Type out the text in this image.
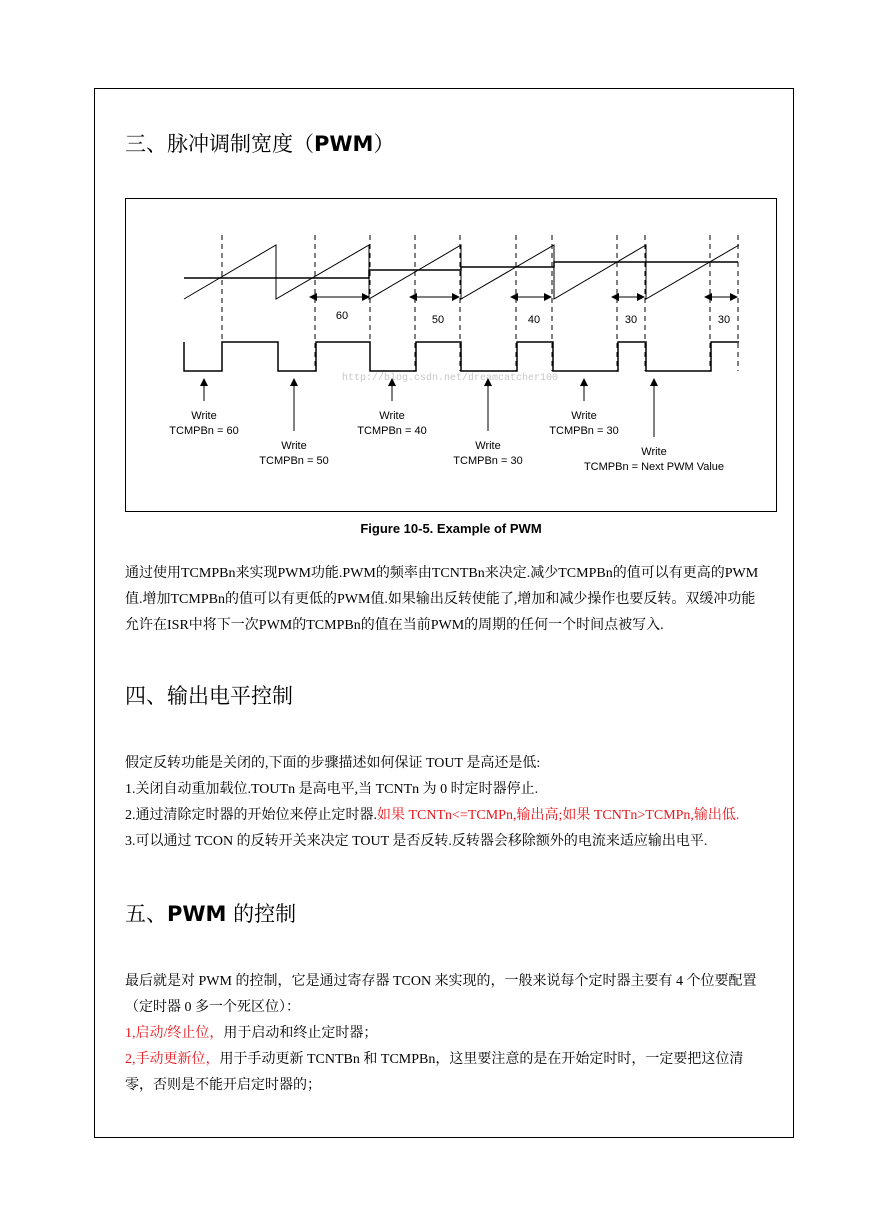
三、脉冲调制宽度（PWM）
60	50	40	30	30
http://blog.csdn.net/dreamcatcher100
Write
TCMPBn = 60
Write
TCMPBn = 50
Write
TCMPBn = 40
Write
TCMPBn = 30
Write
TCMPBn = 30
Write
TCMPBn = Next PWM Value
Figure 10-5. Example of PWM

通过使用TCMPBn来实现PWM功能.PWM的频率由TCNTBn来决定.减少TCMPBn的值可以有更高的PWM值.增加TCMPBn的值可以有更低的PWM值.如果输出反转使能了,增加和减少操作也要反转。双缓冲功能允许在ISR中将下一次PWM的TCMPBn的值在当前PWM的周期的任何一个时间点被写入.

四、输出电平控制

假定反转功能是关闭的,下面的步骤描述如何保证 TOUT 是高还是低:

1.关闭自动重加载位.TOUTn 是高电平,当 TCNTn 为 0 时定时器停止.

2.通过清除定时器的开始位来停止定时器.如果 TCNTn<=TCMPn,输出高;如果 TCNTn>TCMPn,输出低.

3.可以通过 TCON 的反转开关来决定 TOUT 是否反转.反转器会移除额外的电流来适应输出电平.

五、PWM 的控制

最后就是对 PWM 的控制，它是通过寄存器 TCON 来实现的，一般来说每个定时器主要有 4 个位要配置（定时器 0 多一个死区位）：

1,启动/终止位，用于启动和终止定时器；

2,手动更新位，用于手动更新 TCNTBn 和 TCMPBn，这里要注意的是在开始定时时，一定要把这位清零，否则是不能开启定时器的；
